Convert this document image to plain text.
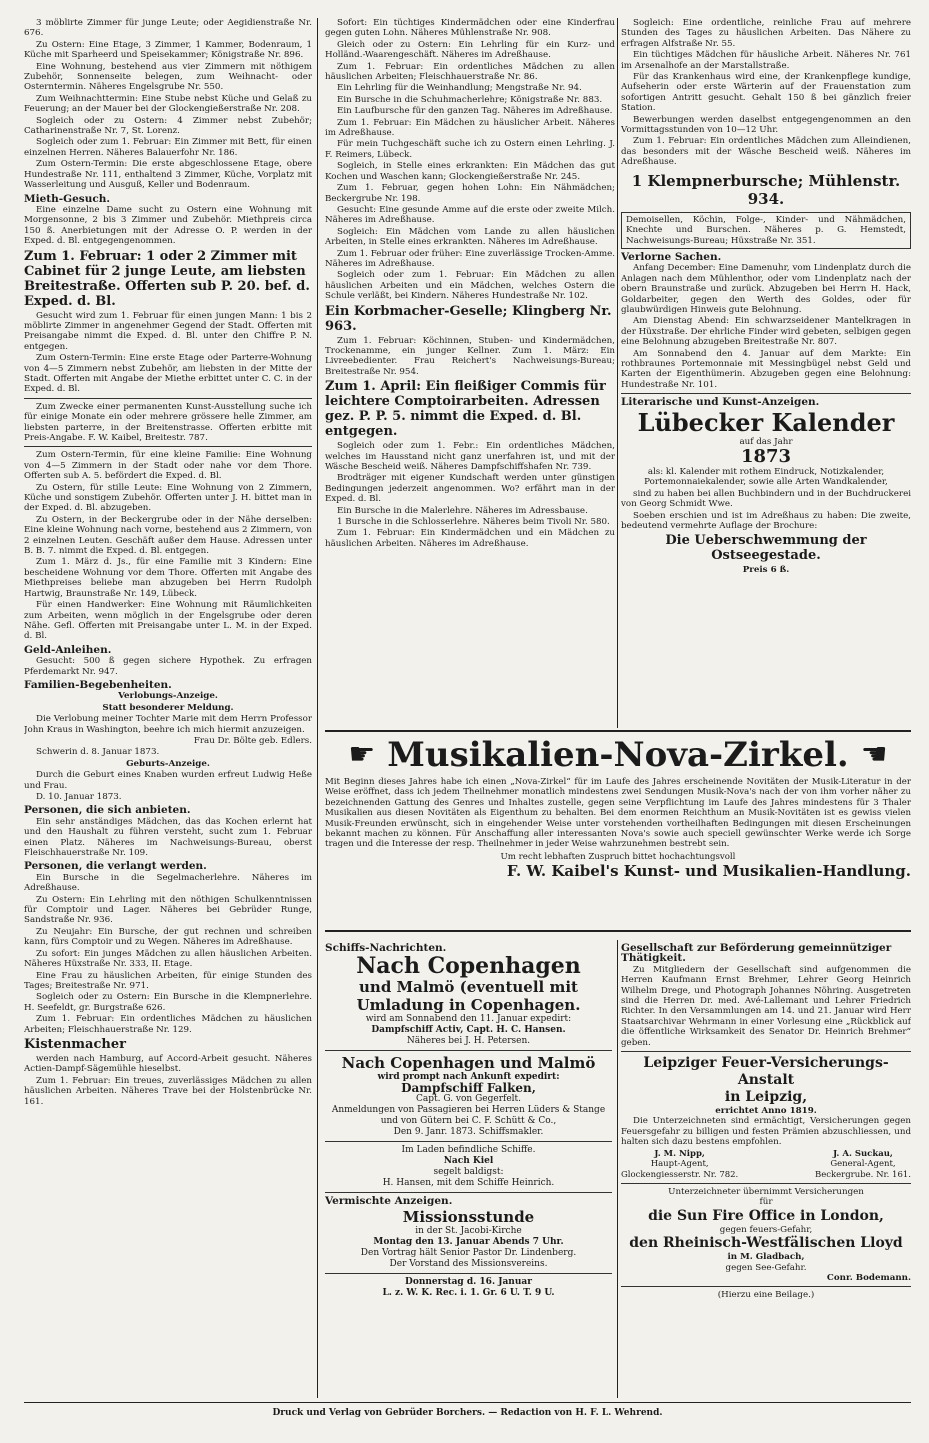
3 möblirte Zimmer für junge Leute; oder Aegidienstraße Nr. 676.
Zu Ostern: Eine Etage, 3 Zimmer, 1 Kammer, Bodenraum, 1 Küche mit Sparheerd und Speisekammer; Königstraße Nr. 896.
Eine Wohnung, bestehend aus vier Zimmern mit nöthigem Zubehör, Sonnenseite belegen, zum Weihnacht- oder Osterntermin. Näheres Engelsgrube Nr. 550.
Zum Weihnachttermin: Eine Stube nebst Küche und Gelaß zu Feuerung; an der Mauer bei der Glockengießerstraße Nr. 208.
Sogleich oder zu Ostern: 4 Zimmer nebst Zubehör; Catharinenstraße Nr. 7, St. Lorenz.
Sogleich oder zum 1. Februar: Ein Zimmer mit Bett, für einen einzelnen Herren. Näheres Balauerfohr Nr. 186.
Zum Ostern-Termin: Die erste abgeschlossene Etage, obere Hundestraße Nr. 111, enthaltend 3 Zimmer, Küche, Vorplatz mit Wasserleitung und Ausguß, Keller und Bodenraum.
Mieth-Gesuch.
Eine einzelne Dame sucht zu Ostern eine Wohnung mit Morgensonne, 2 bis 3 Zimmer und Zubehör. Miethpreis circa 150 ß. Anerbietungen mit der Adresse O. P. werden in der Exped. d. Bl. entgegengenommen.
Zum 1. Februar: 1 oder 2 Zimmer mit Cabinet für 2 junge Leute, am liebsten Breitestraße. Offerten sub P. 20. bef. d. Exped. d. Bl.
Gesucht wird zum 1. Februar für einen jungen Mann: 1 bis 2 möblirte Zimmer in angenehmer Gegend der Stadt. Offerten mit Preisangabe nimmt die Exped. d. Bl. unter den Chiffre P. N. entgegen.
Zum Ostern-Termin: Eine erste Etage oder Parterre-Wohnung von 4—5 Zimmern nebst Zubehör, am liebsten in der Mitte der Stadt. Offerten mit Angabe der Miethe erbittet unter C. C. in der Exped. d. Bl.
Zum Zwecke einer permanenten Kunst-Ausstellung suche ich für einige Monate ein oder mehrere grössere helle Zimmer, am liebsten parterre, in der Breitenstrasse. Offerten erbitte mit Preis-Angabe. F. W. Kaibel, Breitestr. 787.
Zum Ostern-Termin, für eine kleine Familie: Eine Wohnung von 4—5 Zimmern in der Stadt oder nahe vor dem Thore. Offerten sub A. 5. befördert die Exped. d. Bl.
Zu Ostern, für stille Leute: Eine Wohnung von 2 Zimmern, Küche und sonstigem Zubehör. Offerten unter J. H. bittet man in der Exped. d. Bl. abzugeben.
Zu Ostern, in der Beckergrube oder in der Nähe derselben: Eine kleine Wohnung nach vorne, bestehend aus 2 Zimmern, von 2 einzelnen Leuten. Geschäft außer dem Hause. Adressen unter B. B. 7. nimmt die Exped. d. Bl. entgegen.
Zum 1. März d. Js., für eine Familie mit 3 Kindern: Eine bescheidene Wohnung vor dem Thore. Offerten mit Angabe des Miethpreises beliebe man abzugeben bei Herrn Rudolph Hartwig, Braunstraße Nr. 149, Lübeck.
Für einen Handwerker: Eine Wohnung mit Räumlichkeiten zum Arbeiten, wenn möglich in der Engelsgrube oder deren Nähe. Gefl. Offerten mit Preisangabe unter L. M. in der Exped. d. Bl.
Geld-Anleihen.
Gesucht: 500 ß gegen sichere Hypothek. Zu erfragen Pferdemarkt Nr. 947.
Familien-Begebenheiten.
Verlobungs-Anzeige.
Statt besonderer Meldung.
Die Verlobung meiner Tochter Marie mit dem Herrn Professor John Kraus in Washington, beehre ich mich hiermit anzuzeigen.
Frau Dr. Bölte geb. Edlers.
Schwerin d. 8. Januar 1873.
Geburts-Anzeige.
Durch die Geburt eines Knaben wurden erfreut Ludwig Heße und Frau.
D. 10. Januar 1873.
Personen, die sich anbieten.
Ein sehr anständiges Mädchen, das das Kochen erlernt hat und den Haushalt zu führen versteht, sucht zum 1. Februar einen Platz. Näheres im Nachweisungs-Bureau, oberst Fleischhauerstraße Nr. 109.
Personen, die verlangt werden.
Ein Bursche in die Segelmacherlehre. Näheres im Adreßhause.
Zu Ostern: Ein Lehrling mit den nöthigen Schulkenntnissen für Comptoir und Lager. Näheres bei Gebrüder Runge, Sandstraße Nr. 936.
Zu Neujahr: Ein Bursche, der gut rechnen und schreiben kann, fürs Comptoir und zu Wegen. Näheres im Adreßhause.
Zu sofort: Ein junges Mädchen zu allen häuslichen Arbeiten. Näheres Hüxstraße Nr. 333, II. Etage.
Eine Frau zu häuslichen Arbeiten, für einige Stunden des Tages; Breitestraße Nr. 971.
Sogleich oder zu Ostern: Ein Bursche in die Klempnerlehre. H. Seefeldt, gr. Burgstraße 626.
Zum 1. Februar: Ein ordentliches Mädchen zu häuslichen Arbeiten; Fleischhauerstraße Nr. 129.
Kistenmacher
werden nach Hamburg, auf Accord-Arbeit gesucht. Näheres Actien-Dampf-Sägemühle hieselbst.
Zum 1. Februar: Ein treues, zuverlässiges Mädchen zu allen häuslichen Arbeiten. Näheres Trave bei der Holstenbrücke Nr. 161.
Sofort: Ein tüchtiges Kindermädchen oder eine Kinderfrau gegen guten Lohn. Näheres Mühlenstraße Nr. 908.
Gleich oder zu Ostern: Ein Lehrling für ein Kurz- und Holländ.-Waarengeschäft. Näheres im Adreßhause.
Zum 1. Februar: Ein ordentliches Mädchen zu allen häuslichen Arbeiten; Fleischhauerstraße Nr. 86.
Ein Lehrling für die Weinhandlung; Mengstraße Nr. 94.
Ein Bursche in die Schuhmacherlehre; Königstraße Nr. 883.
Ein Laufbursche für den ganzen Tag. Näheres im Adreßhause.
Zum 1. Februar: Ein Mädchen zu häuslicher Arbeit. Näheres im Adreßhause.
Für mein Tuchgeschäft suche ich zu Ostern einen Lehrling. J. F. Reimers, Lübeck.
Sogleich, in Stelle eines erkrankten: Ein Mädchen das gut Kochen und Waschen kann; Glockengießerstraße Nr. 245.
Zum 1. Februar, gegen hohen Lohn: Ein Nähmädchen; Beckergrube Nr. 198.
Gesucht: Eine gesunde Amme auf die erste oder zweite Milch. Näheres im Adreßhause.
Sogleich: Ein Mädchen vom Lande zu allen häuslichen Arbeiten, in Stelle eines erkrankten. Näheres im Adreßhause.
Zum 1. Februar oder früher: Eine zuverlässige Trocken-Amme. Näheres im Adreßhause.
Sogleich oder zum 1. Februar: Ein Mädchen zu allen häuslichen Arbeiten und ein Mädchen, welches Ostern die Schule verläßt, bei Kindern. Näheres Hundestraße Nr. 102.
Ein Korbmacher-Geselle; Klingberg Nr. 963.
Zum 1. Februar: Köchinnen, Stuben- und Kindermädchen, Trockenamme, ein junger Kellner. Zum 1. März: Ein Livreebedienter. Frau Reichert's Nachweisungs-Bureau; Breitestraße Nr. 954.
Zum 1. April: Ein fleißiger Commis für leichtere Comptoirarbeiten. Adressen gez. P. P. 5. nimmt die Exped. d. Bl. entgegen.
Sogleich oder zum 1. Febr.: Ein ordentliches Mädchen, welches im Hausstand nicht ganz unerfahren ist, und mit der Wäsche Bescheid weiß. Näheres Dampfschiffshafen Nr. 739.
Brodträger mit eigener Kundschaft werden unter günstigen Bedingungen jederzeit angenommen. Wo? erfährt man in der Exped. d. Bl.
Ein Bursche in die Malerlehre. Näheres im Adressbause.
1 Bursche in die Schlosserlehre. Näheres beim Tivoli Nr. 580.
Zum 1. Februar: Ein Kindermädchen und ein Mädchen zu häuslichen Arbeiten. Näheres im Adreßhause.
Sogleich: Eine ordentliche, reinliche Frau auf mehrere Stunden des Tages zu häuslichen Arbeiten. Das Nähere zu erfragen Alfstraße Nr. 55.
Ein tüchtiges Mädchen für häusliche Arbeit. Näheres Nr. 761 im Arsenalhofe an der Marstallstraße.
Für das Krankenhaus wird eine, der Krankenpflege kundige, Aufseherin oder erste Wärterin auf der Frauenstation zum sofortigen Antritt gesucht. Gehalt 150 ß bei gänzlich freier Station.
Bewerbungen werden daselbst entgegengenommen an den Vormittagsstunden von 10—12 Uhr.
Zum 1. Februar: Ein ordentliches Mädchen zum Alleindienen, das besonders mit der Wäsche Bescheid weiß. Näheres im Adreßhause.
1 Klempnerbursche; Mühlenstr. 934.
Demoisellen, Köchin, Folge-, Kinder- und Nähmädchen, Knechte und Burschen. Näheres p. G. Hemstedt, Nachweisungs-Bureau; Hüxstraße Nr. 351.
Verlorne Sachen.
Anfang December: Eine Damenuhr, vom Lindenplatz durch die Anlagen nach dem Mühlenthor, oder vom Lindenplatz nach der obern Braunstraße und zurück. Abzugeben bei Herrn H. Hack, Goldarbeiter, gegen den Werth des Goldes, oder für glaubwürdigen Hinweis gute Belohnung.
Am Dienstag Abend: Ein schwarzseidener Mantelkragen in der Hüxstraße. Der ehrliche Finder wird gebeten, selbigen gegen eine Belohnung abzugeben Breitestraße Nr. 807.
Am Sonnabend den 4. Januar auf dem Markte: Ein rothbraunes Portemonnaie mit Messingbügel nebst Geld und Karten der Eigenthümerin. Abzugeben gegen eine Belohnung: Hundestraße Nr. 101.
Literarische und Kunst-Anzeigen.
Lübecker Kalender
auf das Jahr
1873
als: kl. Kalender mit rothem Eindruck, Notizkalender, Portemonnaiekalender, sowie alle Arten Wandkalender,
sind zu haben bei allen Buchbindern und in der Buchdruckerei von Georg Schmidt Wwe.
Soeben erschien und ist im Adreßhaus zu haben: Die zweite, bedeutend vermehrte Auflage der Brochure:
Die Ueberschwemmung der Ostseegestade.
Preis 6 ß.
☛ Musikalien-Nova-Zirkel. ☚
Mit Beginn dieses Jahres habe ich einen „Nova-Zirkel“ für im Laufe des Jahres erscheinende Novitäten der Musik-Literatur in der Weise eröffnet, dass ich jedem Theilnehmer monatlich mindestens zwei Sendungen Musik-Nova's nach der von ihm vorher näher zu bezeichnenden Gattung des Genres und Inhaltes zustelle, gegen seine Verpflichtung im Laufe des Jahres mindestens für 3 Thaler Musikalien aus diesen Novitäten als Eigenthum zu behalten. Bei dem enormen Reichthum an Musik-Novitäten ist es gewiss vielen Musik-Freunden erwünscht, sich in eingehender Weise unter vorstehenden vortheilhaften Bedingungen mit diesen Erscheinungen bekannt machen zu können. Für Anschaffung aller interessanten Nova's sowie auch speciell gewünschter Werke werde ich Sorge tragen und die Interesse der resp. Theilnehmer in jeder Weise wahrzunehmen bestrebt sein.
Um recht lebhaften Zuspruch bittet hochachtungsvoll
F. W. Kaibel's Kunst- und Musikalien-Handlung.
Schiffs-Nachrichten.
Nach Copenhagen
und Malmö (eventuell mit Umladung in Copenhagen.
wird am Sonnabend den 11. Januar expedirt:
Dampfschiff Activ, Capt. H. C. Hansen.
Näheres bei J. H. Petersen.
Nach Copenhagen und Malmö
wird prompt nach Ankunft expedirt:
Dampfschiff Falken,
Capt. G. von Gegerfelt.
Anmeldungen von Passagieren bei Herren Lüders & Stange und von Gütern bei C. F. Schütt & Co.,
Den 9. Janr. 1873. Schiffsmakler.
Im Laden befindliche Schiffe.
Nach Kiel
segelt baldigst:
H. Hansen, mit dem Schiffe Heinrich.
Vermischte Anzeigen.
Missionsstunde
in der St. Jacobi-Kirche
Montag den 13. Januar Abends 7 Uhr.
Den Vortrag hält Senior Pastor Dr. Lindenberg.
Der Vorstand des Missionsvereins.
Donnerstag d. 16. Januar
L. z. W. K. Rec. i. 1. Gr. 6 U. T. 9 U.
Gesellschaft zur Beförderung gemeinnütziger Thätigkeit.
Zu Mitgliedern der Gesellschaft sind aufgenommen die Herren Kaufmann Ernst Brehmer, Lehrer Georg Heinrich Wilhelm Drege, und Photograph Johannes Nöhring. Ausgetreten sind die Herren Dr. med. Avé-Lallemant und Lehrer Friedrich Richter. In den Versammlungen am 14. und 21. Januar wird Herr Staatsarchivar Wehrmann in einer Vorlesung eine „Rückblick auf die öffentliche Wirksamkeit des Senator Dr. Heinrich Brehmer“ geben.
Leipziger Feuer-Versicherungs-Anstalt
in Leipzig,
errichtet Anno 1819.
Die Unterzeichneten sind ermächtigt, Versicherungen gegen Feuersgefahr zu billigen und festen Prämien abzuschliessen, und halten sich dazu bestens empfohlen.
J. M. Nipp,
Haupt-Agent,
Glockengiesserstr. Nr. 782.
J. A. Suckau,
General-Agent,
Beckergrube. Nr. 161.
Unterzeichneter übernimmt Versicherungen
für
die Sun Fire Office in London,
gegen feuers-Gefahr,
den Rheinisch-Westfälischen Lloyd
in M. Gladbach,
gegen See-Gefahr.
Conr. Bodemann.
(Hierzu eine Beilage.)
Druck und Verlag von Gebrüder Borchers. — Redaction von H. F. L. Wehrend.
